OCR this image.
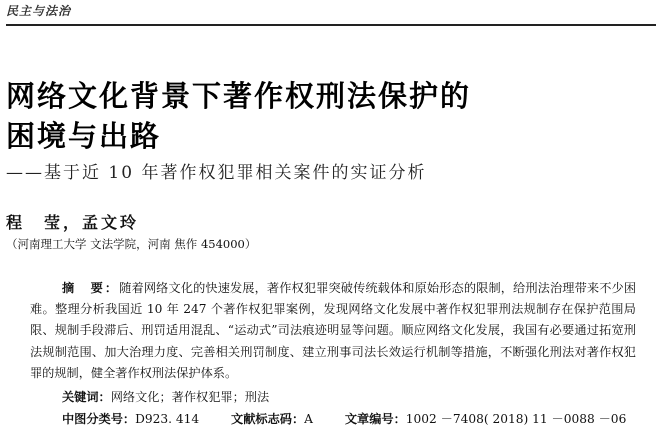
民主与法治
网络文化背景下著作权刑法保护的
困境与出路
——基于近 10 年著作权犯罪相关案件的实证分析
程　莹，孟文玲
（河南理工大学 文法学院，河南 焦作 454000）
摘　要：随着网络文化的快速发展，著作权犯罪突破传统载体和原始形态的限制，给刑法治理带来不少困难。整理分析我国近 10 年 247 个著作权犯罪案例，发现网络文化发展中著作权犯罪刑法规制存在保护范围局限、规制手段滞后、刑罚适用混乱、“运动式”司法痕迹明显等问题。顺应网络文化发展，我国有必要通过拓宽刑法规制范围、加大治理力度、完善相关刑罚制度、建立刑事司法长效运行机制等措施，不断强化刑法对著作权犯罪的规制，健全著作权刑法保护体系。
关键词：网络文化；著作权犯罪；刑法
中图分类号：D923. 414	文献标志码：A	文章编号：1002 －7408( 2018) 11 －0088 －06
